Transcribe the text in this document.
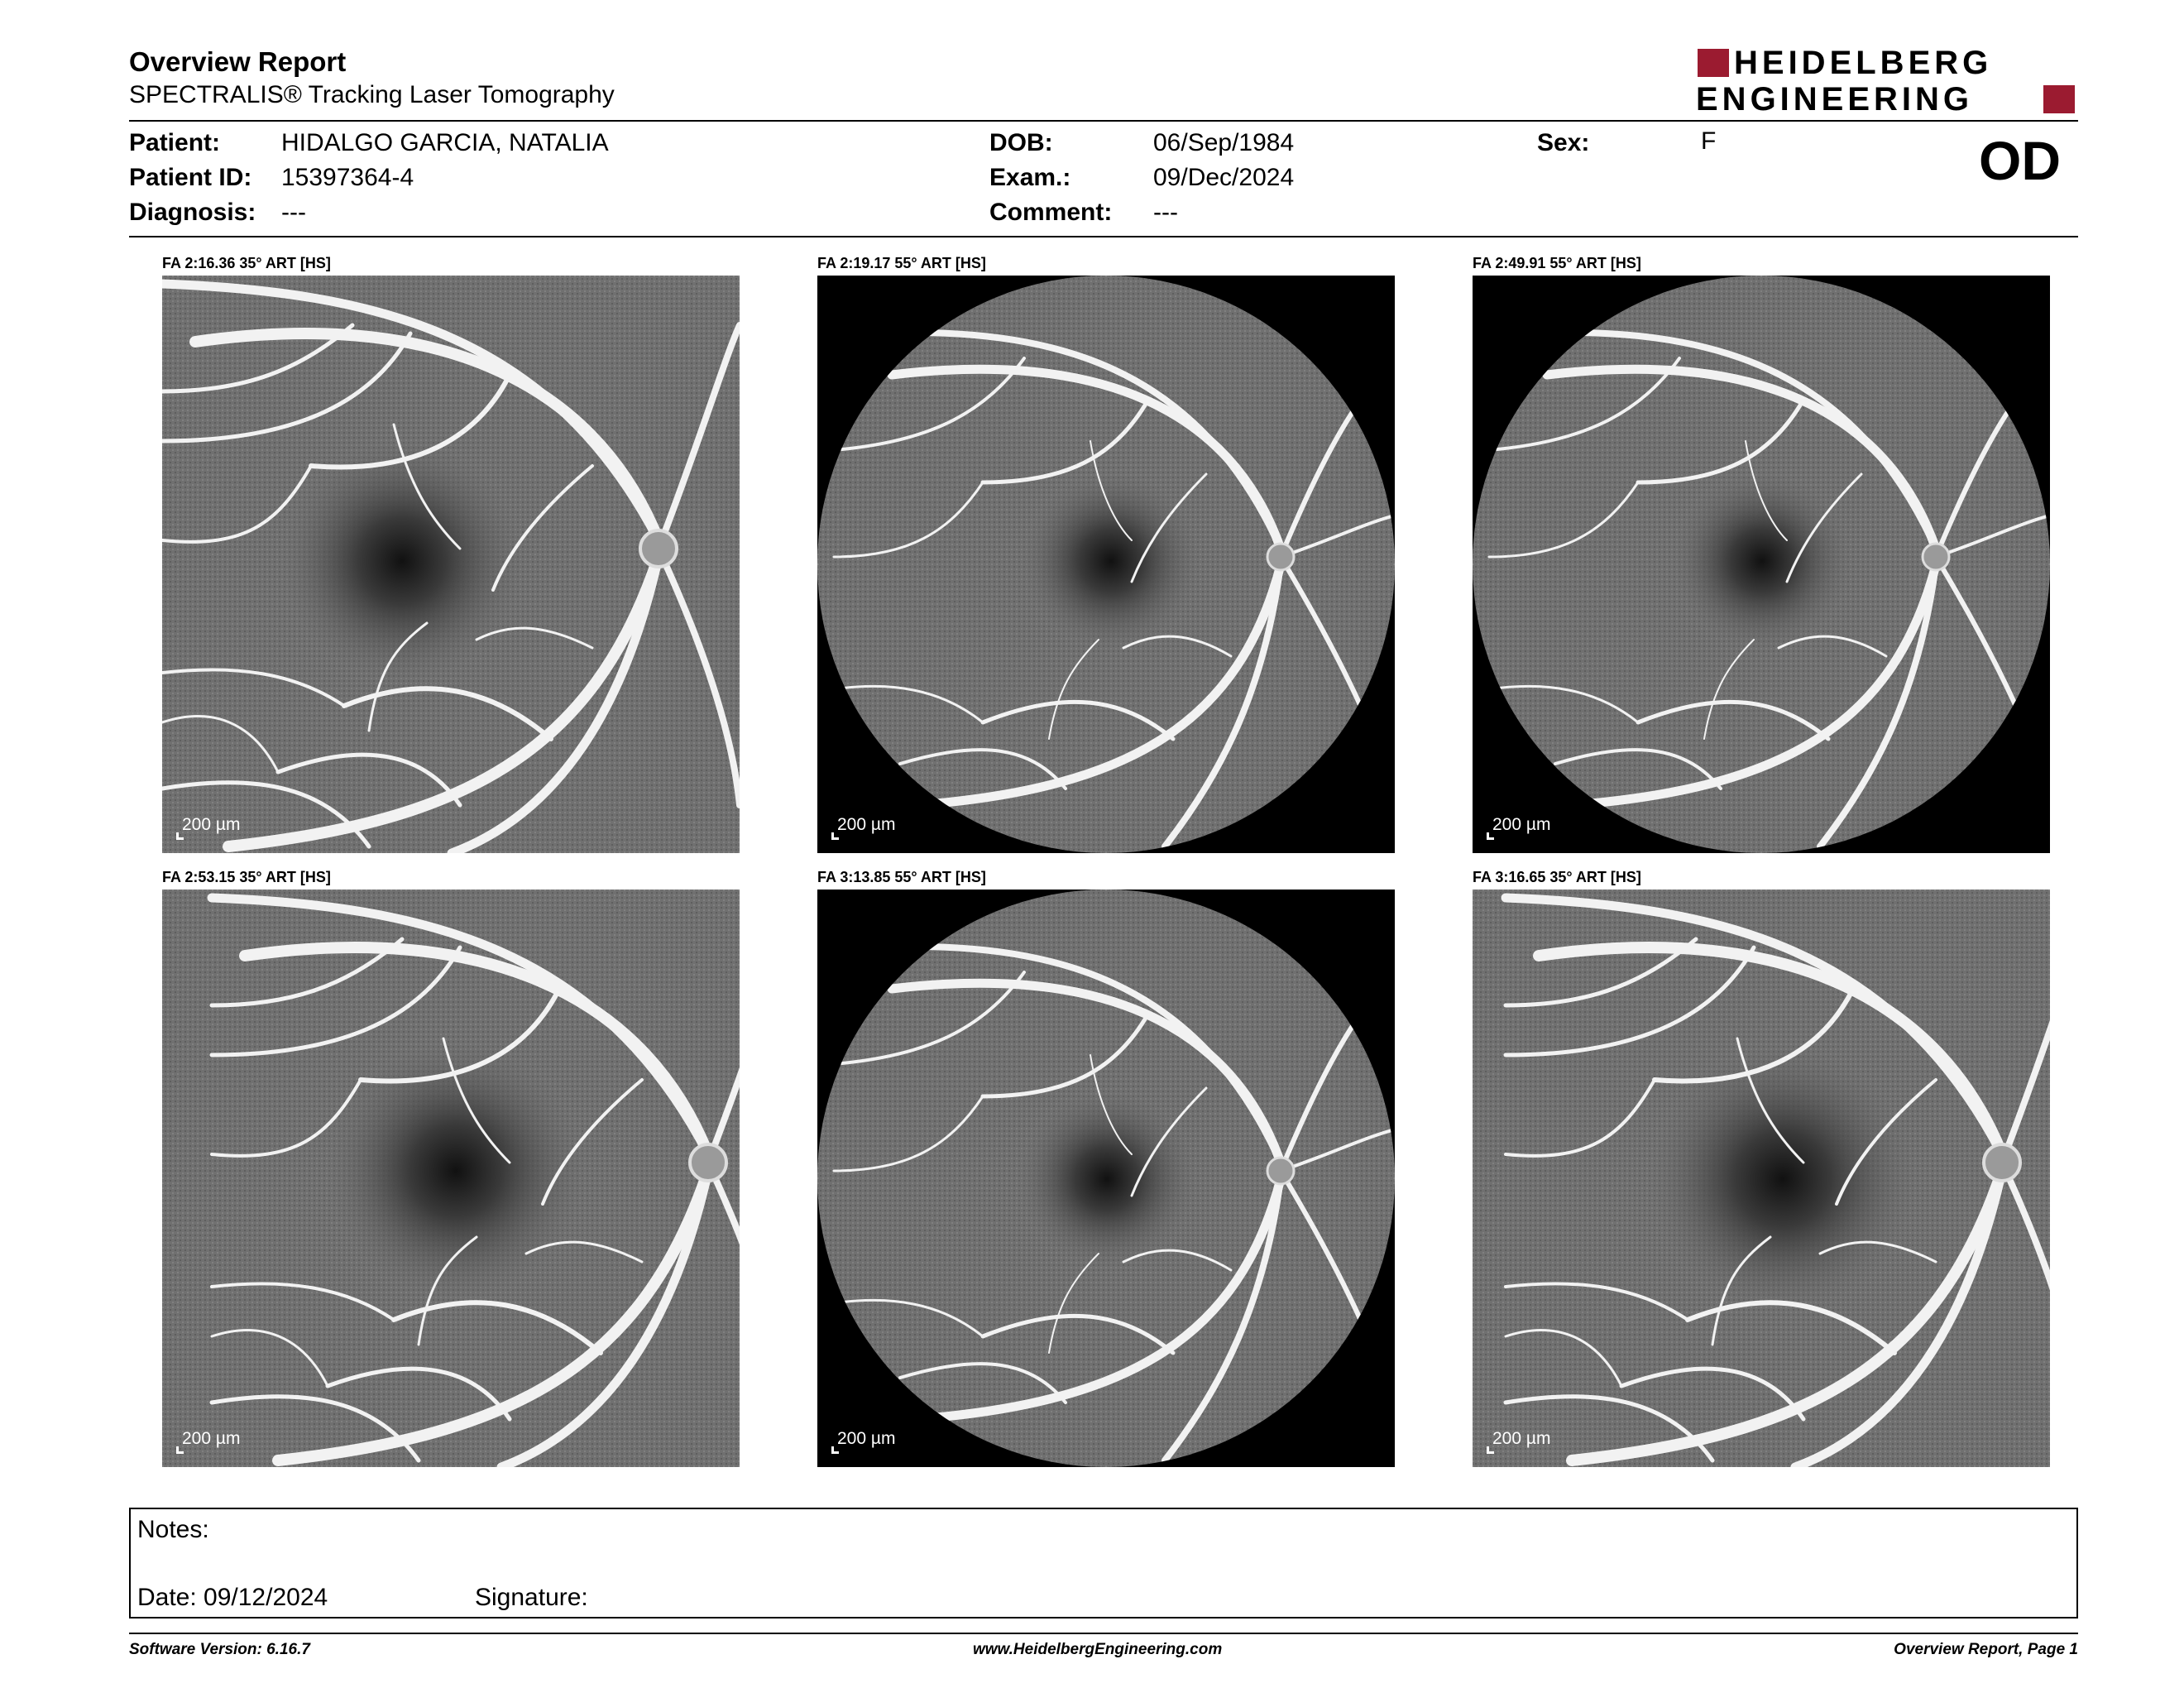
Overview Report
SPECTRALIS® Tracking Laser Tomography
HEIDELBERG
ENGINEERING
Patient: HIDALGO GARCIA, NATALIA
Patient ID: 15397364-4
Diagnosis: ---
DOB:	06/Sep/1984
Exam.:	09/Dec/2024
Comment: ---
Sex:	F	OD
FA 2:16.36 35° ART [HS]
200 µm
FA 2:19.17 55° ART [HS]
200 µm
FA 2:49.91 55° ART [HS]
200 µm
FA 2:53.15 35° ART [HS]
200 µm
FA 3:13.85 55° ART [HS]
200 µm
FA 3:16.65 35° ART [HS]
200 µm
Notes:
Date: 09/12/2024	Signature:
Software Version: 6.16.7	www.HeidelbergEngineering.com	Overview Report, Page 1
